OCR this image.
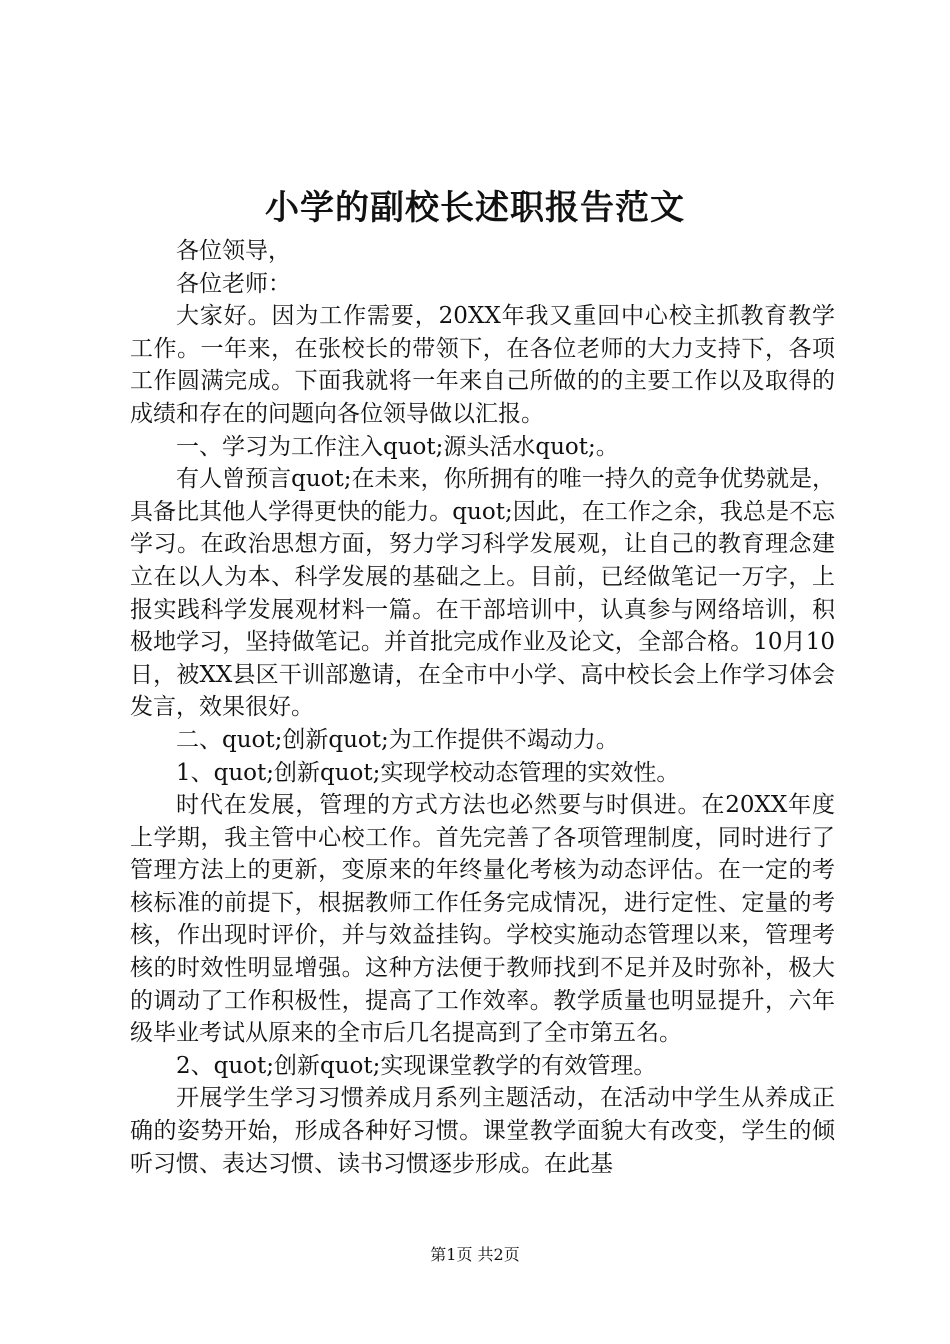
小学的副校长述职报告范文

各位领导，

各位老师：

大家好。因为工作需要，20XX年我又重回中心校主抓教育教学工作。一年来，在张校长的带领下，在各位老师的大力支持下，各项工作圆满完成。下面我就将一年来自己所做的的主要工作以及取得的成绩和存在的问题向各位领导做以汇报。

一、学习为工作注入quot;源头活水quot;。

有人曾预言quot;在未来，你所拥有的唯一持久的竞争优势就是，具备比其他人学得更快的能力。quot;因此，在工作之余，我总是不忘学习。在政治思想方面，努力学习科学发展观，让自己的教育理念建立在以人为本、科学发展的基础之上。目前，已经做笔记一万字，上报实践科学发展观材料一篇。在干部培训中，认真参与网络培训，积极地学习，坚持做笔记。并首批完成作业及论文，全部合格。10月10日，被XX县区干训部邀请，在全市中小学、高中校长会上作学习体会发言，效果很好。

二、quot;创新quot;为工作提供不竭动力。

1、quot;创新quot;实现学校动态管理的实效性。

时代在发展，管理的方式方法也必然要与时俱进。在20XX年度上学期，我主管中心校工作。首先完善了各项管理制度，同时进行了管理方法上的更新，变原来的年终量化考核为动态评估。在一定的考核标准的前提下，根据教师工作任务完成情况，进行定性、定量的考核，作出现时评价，并与效益挂钩。学校实施动态管理以来，管理考核的时效性明显增强。这种方法便于教师找到不足并及时弥补，极大的调动了工作积极性，提高了工作效率。教学质量也明显提升，六年级毕业考试从原来的全市后几名提高到了全市第五名。

2、quot;创新quot;实现课堂教学的有效管理。

开展学生学习习惯养成月系列主题活动，在活动中学生从养成正确的姿势开始，形成各种好习惯。课堂教学面貌大有改变，学生的倾听习惯、表达习惯、读书习惯逐步形成。在此基

第1页 共2页
